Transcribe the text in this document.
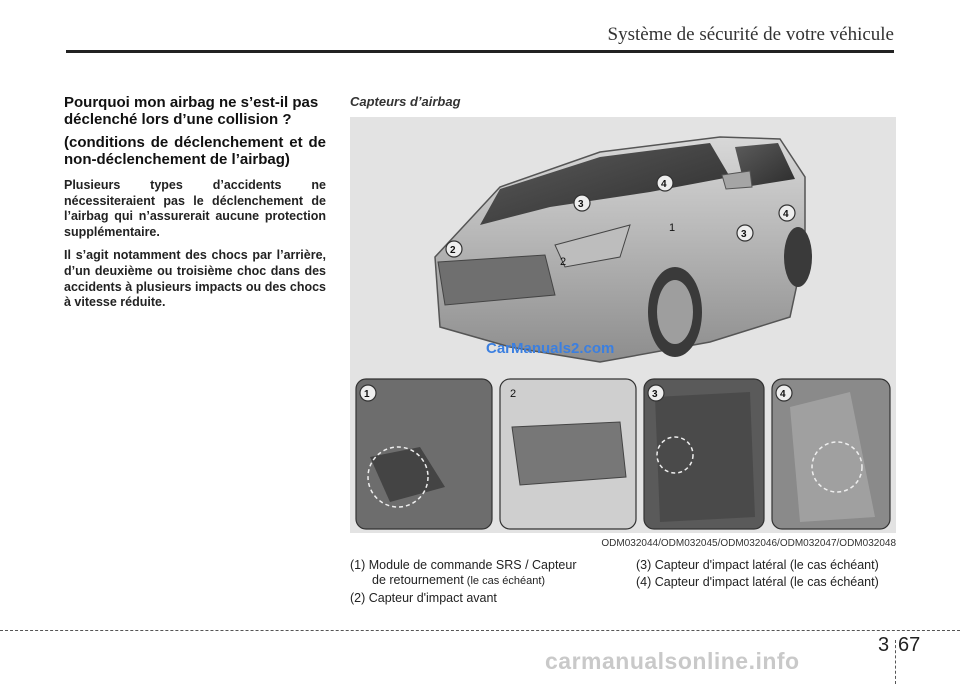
Système de sécurité de votre véhicule
Pourquoi mon airbag ne s’est-il pas déclenché lors d’une collision ?
(conditions de déclenchement et de non-déclenchement de l’airbag)
Plusieurs types d’accidents ne nécessiteraient pas le déclenchement de l’airbag qui n’assurerait aucune protection supplémentaire.
Il s’agit notamment des chocs par l’arrière, d’un deuxième ou troisième choc dans des accidents à plusieurs impacts ou des chocs à vitesse réduite.
Capteurs d’airbag
3
4
2
3
4
1
2
1	3	4
2
CarManuals2.com
ODM032044/ODM032045/ODM032046/ODM032047/ODM032048
(1) Module de commande SRS / Capteur
de retournement (le cas échéant)
(2) Capteur d'impact avant
(3) Capteur d'impact latéral (le cas échéant)
(4) Capteur d'impact latéral (le cas échéant)
3 67
carmanualsonline.info
